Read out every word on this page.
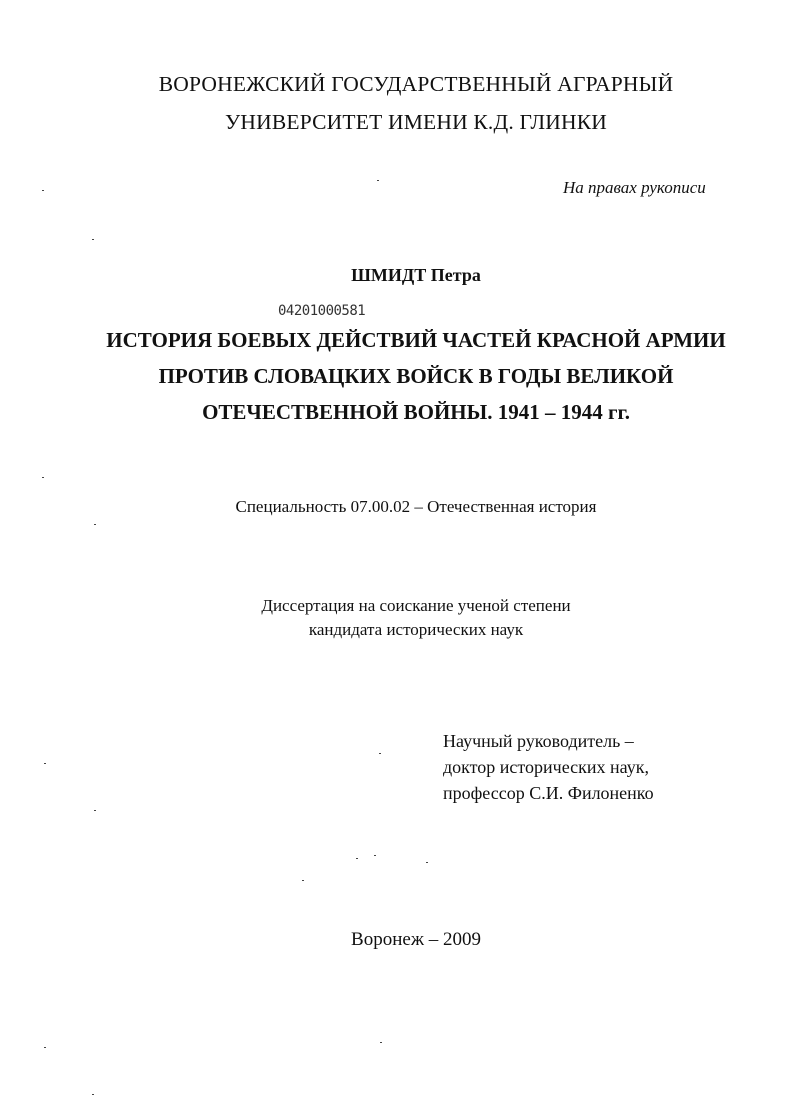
ВОРОНЕЖСКИЙ ГОСУДАРСТВЕННЫЙ АГРАРНЫЙ
УНИВЕРСИТЕТ ИМЕНИ К.Д. ГЛИНКИ
На правах рукописи
ШМИДТ Петра
04201000581
ИСТОРИЯ БОЕВЫХ ДЕЙСТВИЙ ЧАСТЕЙ КРАСНОЙ АРМИИ
ПРОТИВ СЛОВАЦКИХ ВОЙСК В ГОДЫ ВЕЛИКОЙ
ОТЕЧЕСТВЕННОЙ ВОЙНЫ. 1941 – 1944 гг.
Специальность 07.00.02 – Отечественная история
Диссертация на соискание ученой степени
кандидата исторических наук
Научный руководитель –
доктор исторических наук,
профессор С.И. Филоненко
Воронеж – 2009
